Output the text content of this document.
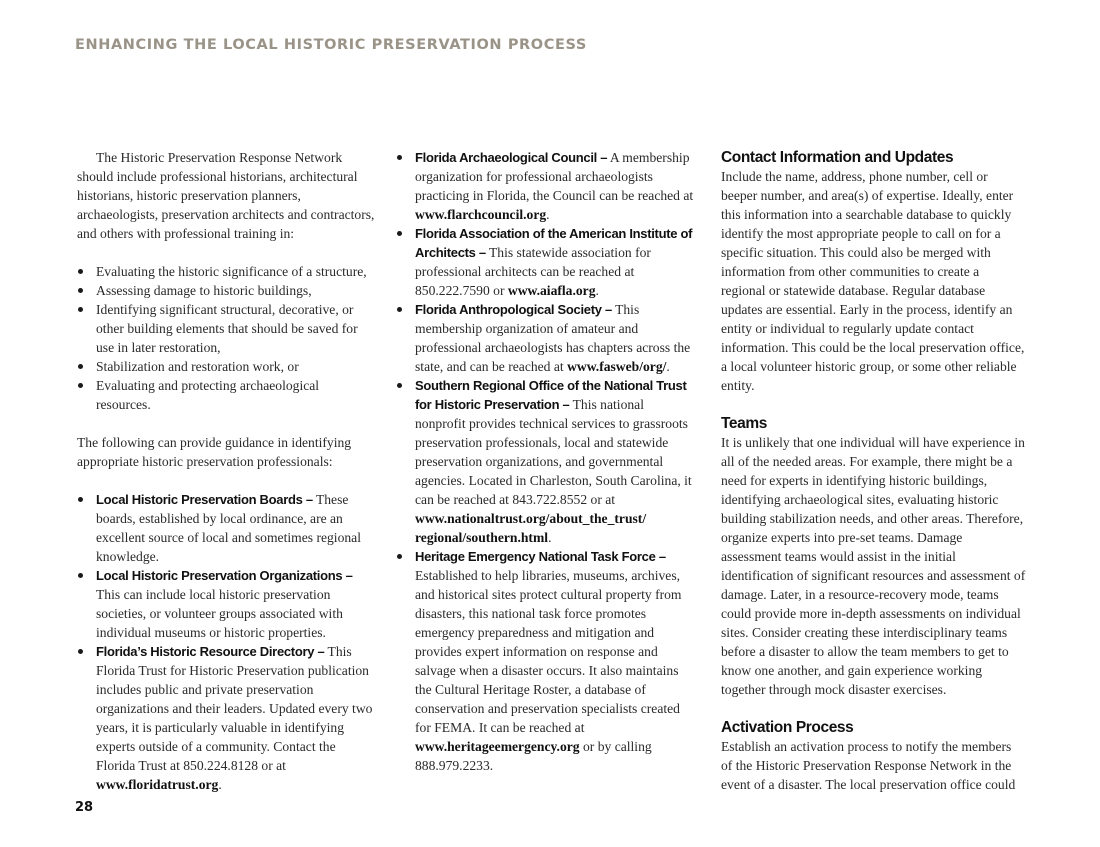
ENHANCING THE LOCAL HISTORIC PRESERVATION PROCESS

The Historic Preservation Response Network should include professional historians, architectural historians, historic preservation planners, archaeologists, preservation architects and contractors, and others with professional training in:

Evaluating the historic significance of a structure,
Assessing damage to historic buildings,
Identifying significant structural, decorative, or other building elements that should be saved for use in later restoration,
Stabilization and restoration work, or
Evaluating and protecting archaeological resources.

The following can provide guidance in identifying appropriate historic preservation professionals:

Local Historic Preservation Boards – These boards, established by local ordinance, are an excellent source of local and sometimes regional knowledge.
Local Historic Preservation Organizations – This can include local historic preservation societies, or volunteer groups associated with individual museums or historic properties.
Florida’s Historic Resource Directory – This Florida Trust for Historic Preservation publication includes public and private preservation organizations and their leaders. Updated every two years, it is particularly valuable in identifying experts outside of a community. Contact the Florida Trust at 850.224.8128 or at www.floridatrust.org.
Florida Archaeological Council – A membership organization for professional archaeologists practicing in Florida, the Council can be reached at www.flarchcouncil.org.
Florida Association of the American Institute of Architects – This statewide association for professional architects can be reached at 850.222.7590 or www.aiafla.org.
Florida Anthropological Society – This membership organization of amateur and professional archaeologists has chapters across the state, and can be reached at www.fasweb/org/.
Southern Regional Office of the National Trust for Historic Preservation – This national nonprofit provides technical services to grassroots preservation professionals, local and statewide preservation organizations, and governmental agencies. Located in Charleston, South Carolina, it can be reached at 843.722.8552 or at www.nationaltrust.org/about_the_trust/ regional/southern.html.
Heritage Emergency National Task Force – Established to help libraries, museums, archives, and historical sites protect cultural property from disasters, this national task force promotes emergency preparedness and mitigation and provides expert information on response and salvage when a disaster occurs. It also maintains the Cultural Heritage Roster, a database of conservation and preservation specialists created for FEMA. It can be reached at www.heritageemergency.org or by calling 888.979.2233.
Contact Information and Updates

Include the name, address, phone number, cell or beeper number, and area(s) of expertise. Ideally, enter this information into a searchable database to quickly identify the most appropriate people to call on for a specific situation. This could also be merged with information from other communities to create a regional or statewide database. Regular database updates are essential. Early in the process, identify an entity or individual to regularly update contact information. This could be the local preservation office, a local volunteer historic group, or some other reliable entity.

Teams

It is unlikely that one individual will have experience in all of the needed areas. For example, there might be a need for experts in identifying historic buildings, identifying archaeological sites, evaluating historic building stabilization needs, and other areas. Therefore, organize experts into pre-set teams. Damage assessment teams would assist in the initial identification of significant resources and assessment of damage. Later, in a resource-recovery mode, teams could provide more in-depth assessments on individual sites. Consider creating these interdisciplinary teams before a disaster to allow the team members to get to know one another, and gain experience working together through mock disaster exercises.

Activation Process

Establish an activation process to notify the members of the Historic Preservation Response Network in the event of a disaster. The local preservation office could

28
